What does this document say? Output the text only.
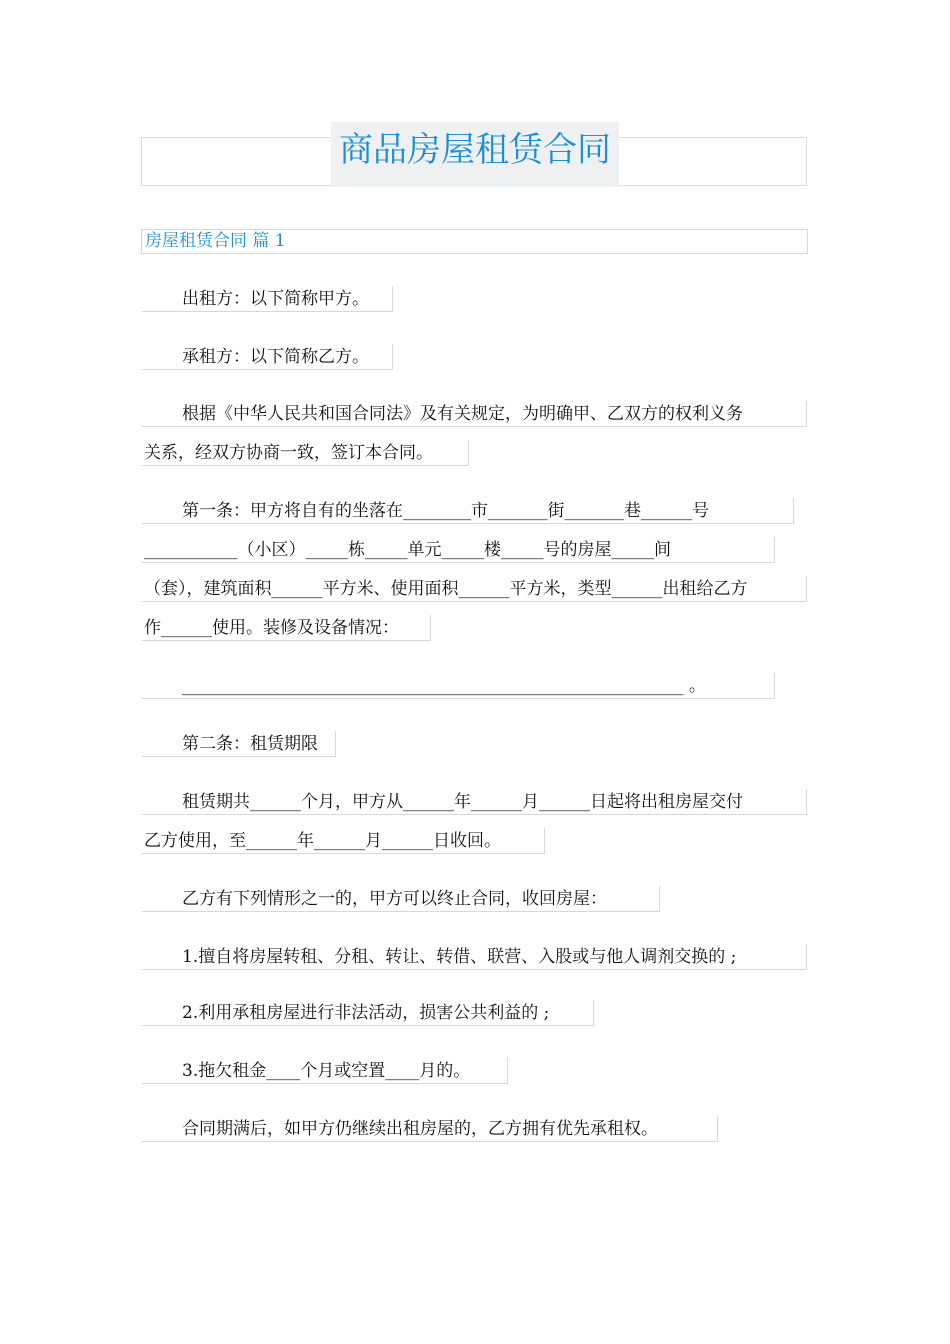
商品房屋租赁合同
房屋租赁合同 篇 1
出租方：以下简称甲方。
承租方：以下简称乙方。
根据《中华人民共和国合同法》及有关规定，为明确甲、乙双方的权利义务
关系，经双方协商一致，签订本合同。
第一条：甲方将自有的坐落在________市_______街_______巷______号
___________（小区）_____栋_____单元_____楼_____号的房屋_____间
（套），建筑面积______平方米、使用面积______平方米，类型______出租给乙方
作______使用。装修及设备情况：
___________________________________________________________ 。
第二条：租赁期限
租赁期共______个月，甲方从______年______月______日起将出租房屋交付
乙方使用，至______年______月______日收回。
乙方有下列情形之一的，甲方可以终止合同，收回房屋：
1.擅自将房屋转租、分租、转让、转借、联营、入股或与他人调剂交换的 ;
2.利用承租房屋进行非法活动，损害公共利益的 ;
3.拖欠租金____个月或空置____月的。
合同期满后，如甲方仍继续出租房屋的，乙方拥有优先承租权。
